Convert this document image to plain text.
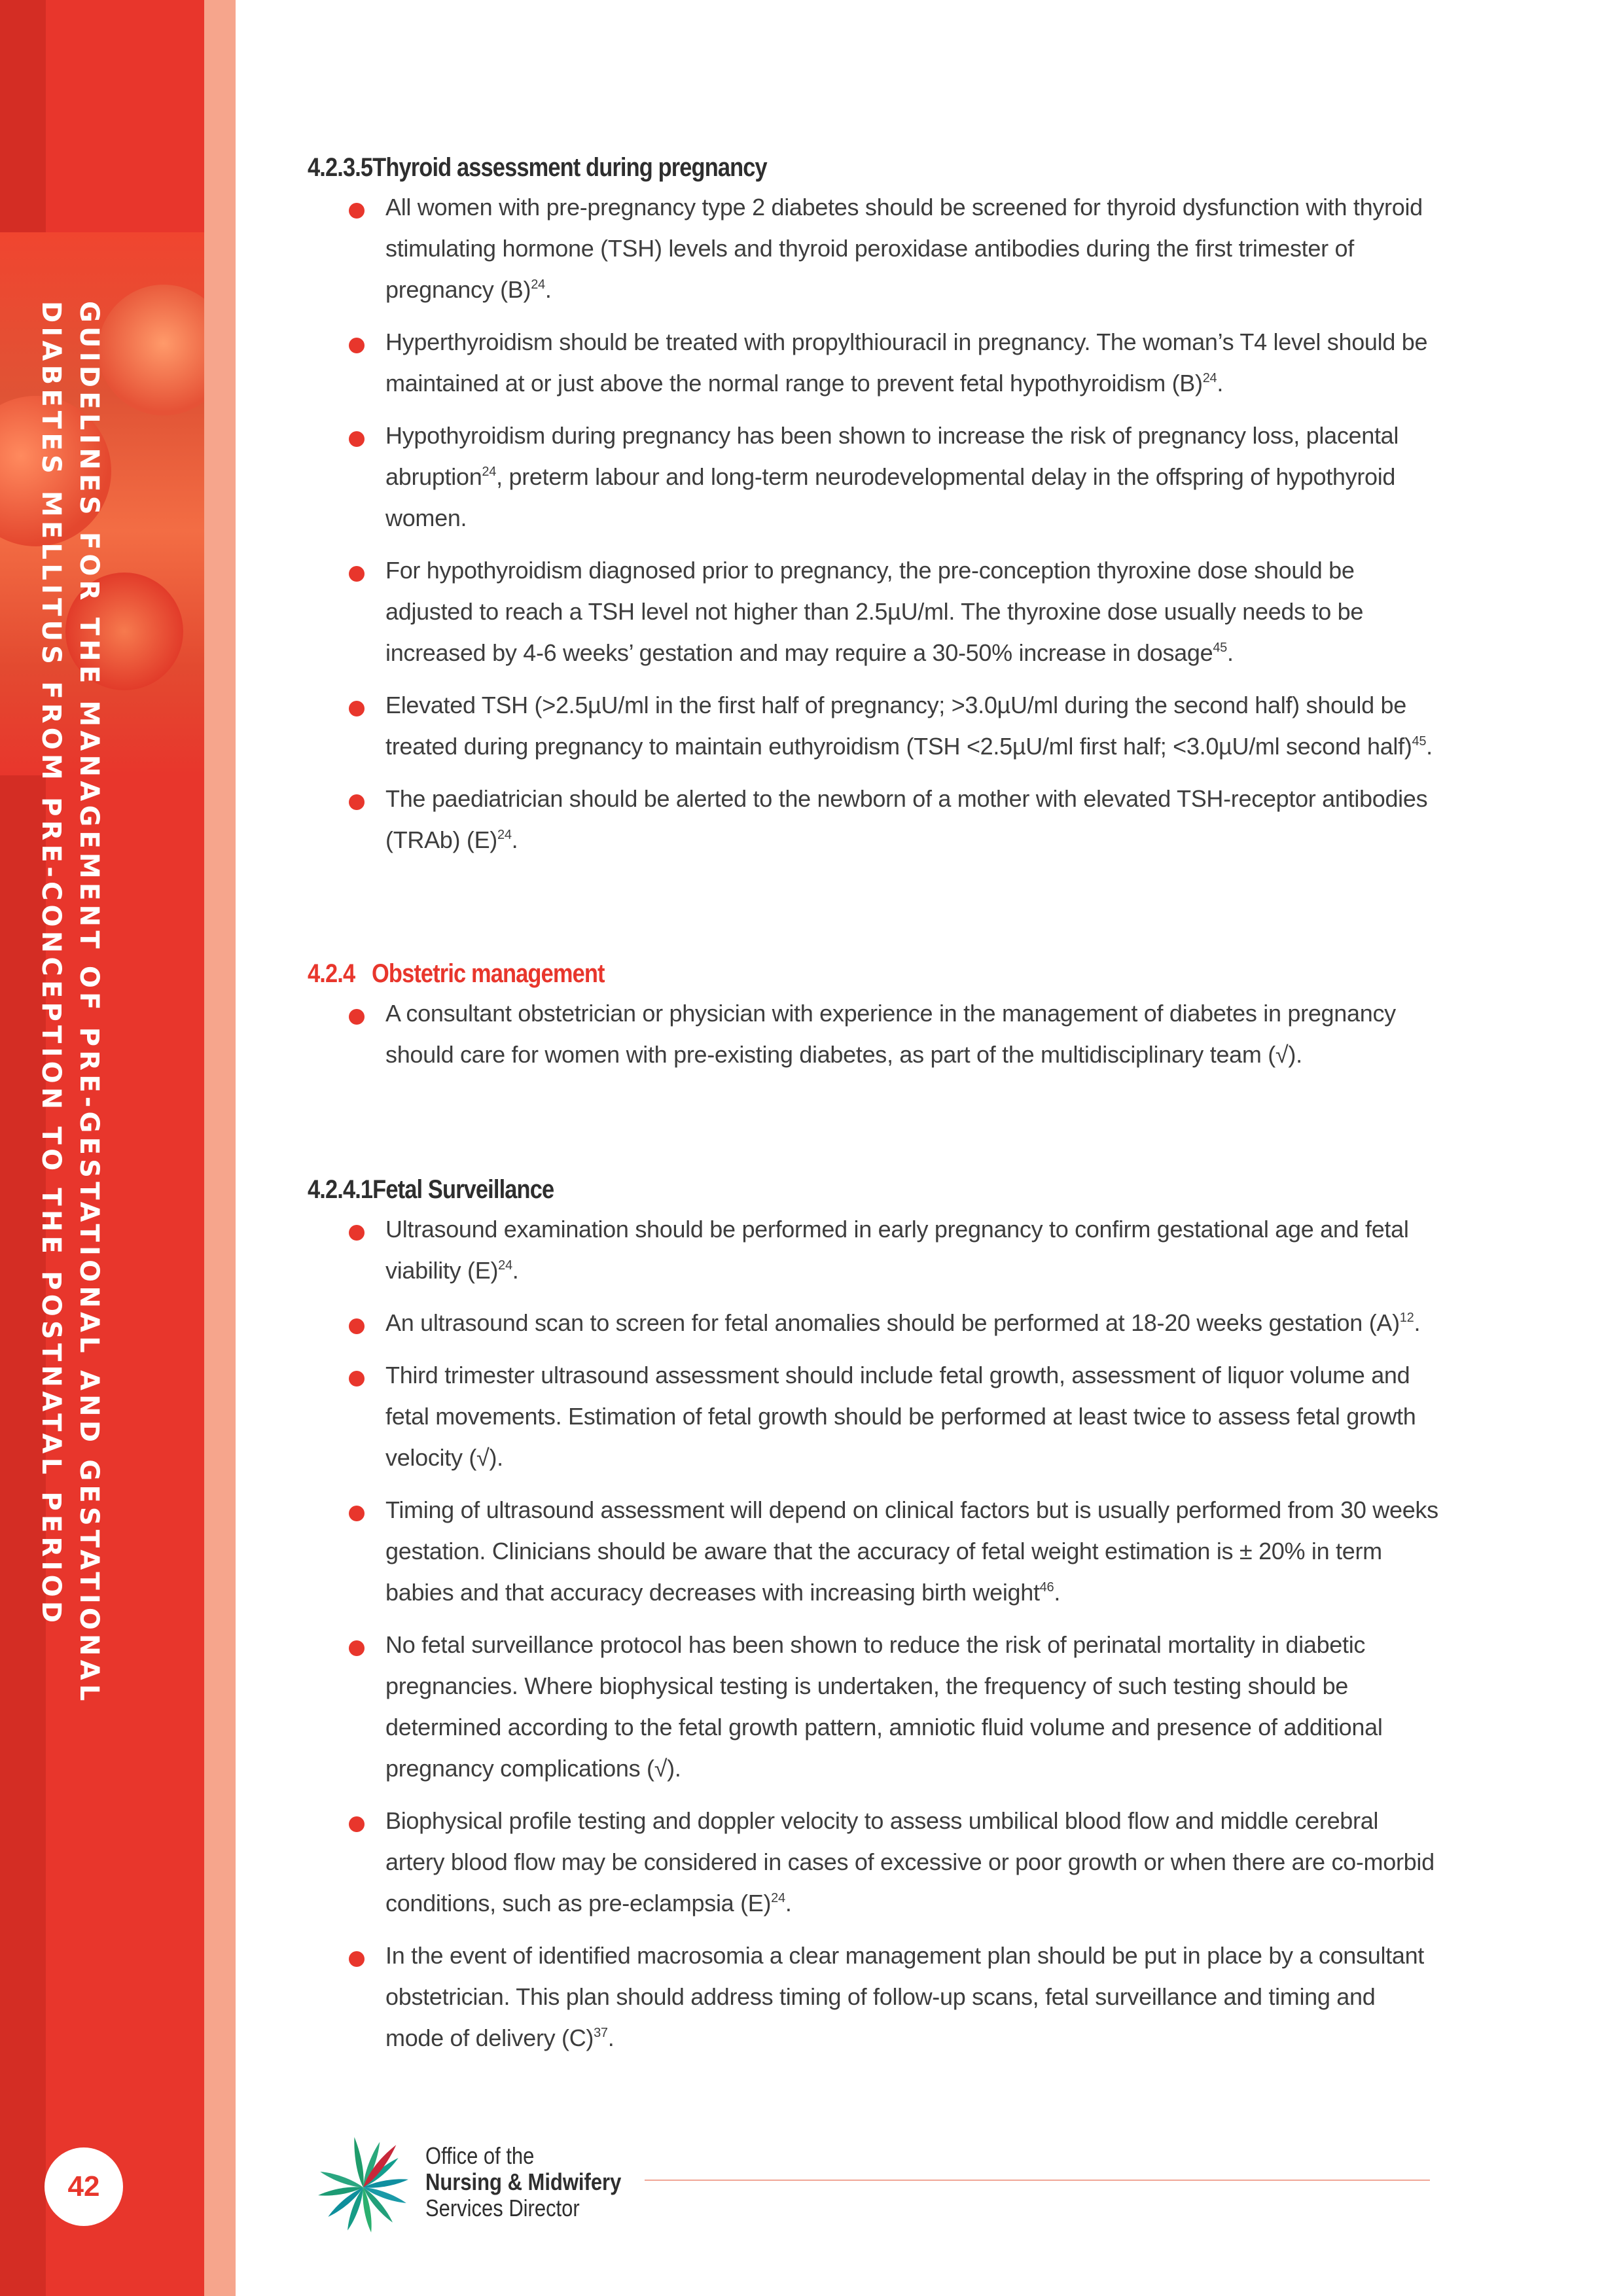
GUIDELINES FOR THE MANAGEMENT OF PRE-GESTATIONAL AND GESTATIONAL
DIABETES MELLITUS FROM PRE-CONCEPTION TO THE POSTNATAL PERIOD
42
4.2.3.5Thyroid assessment during pregnancy
All women with pre-pregnancy type 2 diabetes should be screened for thyroid dysfunction with thyroid stimulating hormone (TSH) levels and thyroid peroxidase antibodies during the first trimester of pregnancy $(B)^{24}$.
Hyperthyroidism should be treated with propylthiouracil in pregnancy. The woman’s T4 level should be maintained at or just above the normal range to prevent fetal hypothyroidism $(B)^{24}$.
Hypothyroidism during pregnancy has been shown to increase the risk of pregnancy loss, placental abruption$^{24}$, preterm labour and long-term neurodevelopmental delay in the offspring of hypothyroid women.
For hypothyroidism diagnosed prior to pregnancy, the pre-conception thyroxine dose should be adjusted to reach a TSH level not higher than 2.5µU/ml. The thyroxine dose usually needs to be increased by 4-6 weeks’ gestation and may require a 30-50% increase in dosage$^{45}$.
Elevated TSH (>2.5µU/ml in the first half of pregnancy; >3.0µU/ml during the second half) should be treated during pregnancy to maintain euthyroidism (TSH <2.5µU/ml first half; <3.0µU/ml second half)$^{45}$.
The paediatrician should be alerted to the newborn of a mother with elevated TSH-receptor antibodies (TRAb) $(E)^{24}$.
4.2.4 Obstetric management
A consultant obstetrician or physician with experience in the management of diabetes in pregnancy should care for women with pre-existing diabetes, as part of the multidisciplinary team (√).
4.2.4.1Fetal Surveillance
Ultrasound examination should be performed in early pregnancy to confirm gestational age and fetal viability $(E)^{24}$.
An ultrasound scan to screen for fetal anomalies should be performed at 18-20 weeks gestation $(A)^{12}$.
Third trimester ultrasound assessment should include fetal growth, assessment of liquor volume and fetal movements. Estimation of fetal growth should be performed at least twice to assess fetal growth velocity (√).
Timing of ultrasound assessment will depend on clinical factors but is usually performed from 30 weeks gestation. Clinicians should be aware that the accuracy of fetal weight estimation is ± 20% in term babies and that accuracy decreases with increasing birth weight$^{46}$.
No fetal surveillance protocol has been shown to reduce the risk of perinatal mortality in diabetic pregnancies. Where biophysical testing is undertaken, the frequency of such testing should be determined according to the fetal growth pattern, amniotic fluid volume and presence of additional pregnancy complications (√).
Biophysical profile testing and doppler velocity to assess umbilical blood flow and middle cerebral artery blood flow may be considered in cases of excessive or poor growth or when there are co-morbid conditions, such as pre-eclampsia $(E)^{24}$.
In the event of identified macrosomia a clear management plan should be put in place by a consultant obstetrician. This plan should address timing of follow-up scans, fetal surveillance and timing and mode of delivery $(C)^{37}$.
Office of the
Nursing & Midwifery
Services Director
